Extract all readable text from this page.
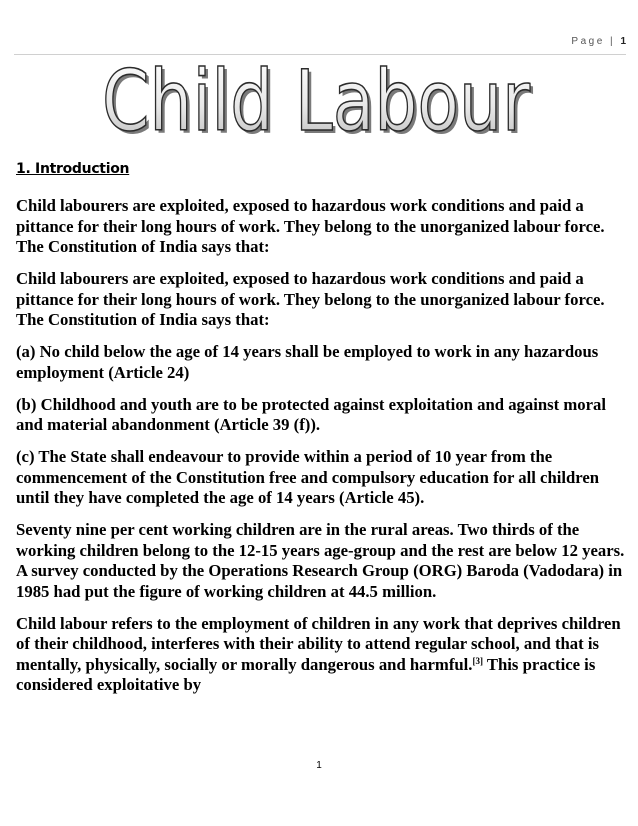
Page | 1
Child Labour
Child Labour
1. Introduction

Child labourers are exploited, exposed to hazardous work conditions and paid a pittance for their long hours of work. They belong to the unorganized labour force. The Constitution of India says that:

Child labourers are exploited, exposed to hazardous work conditions and paid a pittance for their long hours of work. They belong to the unorganized labour force. The Constitution of India says that:

(a) No child below the age of 14 years shall be employed to work in any hazardous employment (Article 24)

(b) Childhood and youth are to be protected against exploitation and against moral and material abandonment (Article 39 (f)).

(c) The State shall endeavour to provide within a period of 10 year from the commencement of the Constitution free and compulsory education for all children until they have completed the age of 14 years (Article 45).

Seventy nine per cent working children are in the rural areas. Two thirds of the working children belong to the 12-15 years age-group and the rest are below 12 years. A survey conducted by the Operations Research Group (ORG) Baroda (Vadodara) in 1985 had put the figure of working children at 44.5 million.

Child labour refers to the employment of children in any work that deprives children of their childhood, interferes with their ability to attend regular school, and that is mentally, physically, socially or morally dangerous and harmful.[3] This practice is considered exploitative by

1
